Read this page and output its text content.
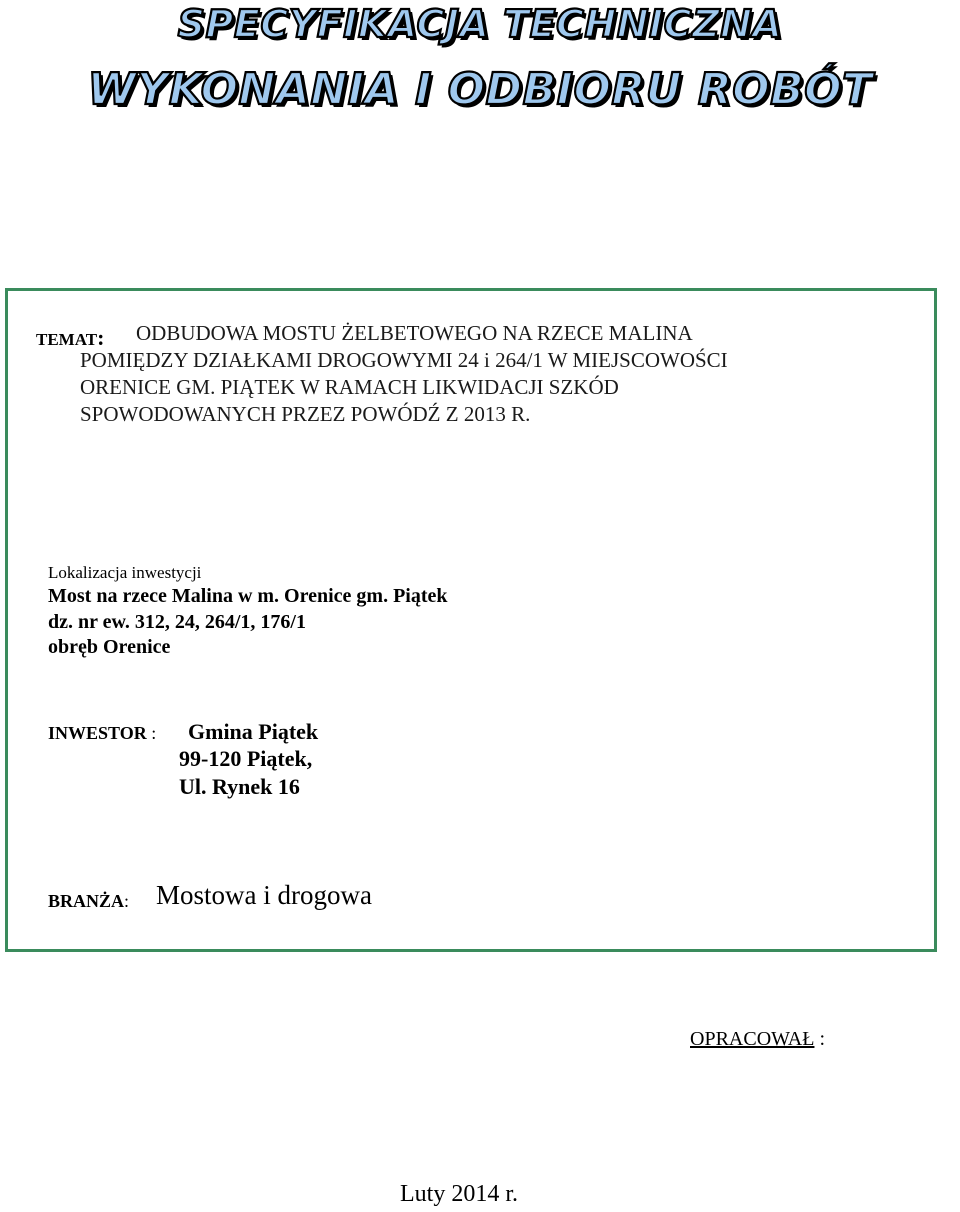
SPECYFIKACJA TECHNICZNA
WYKONANIA I ODBIORU ROBÓT
TEMAT:	ODBUDOWA MOSTU ŻELBETOWEGO NA RZECE MALINA
POMIĘDZY DZIAŁKAMI DROGOWYMI 24 i 264/1 W MIEJSCOWOŚCI
ORENICE GM. PIĄTEK W RAMACH LIKWIDACJI SZKÓD
SPOWODOWANYCH PRZEZ POWÓDŹ Z 2013 R.
Lokalizacja inwestycji
Most na rzece Malina w m. Orenice gm. Piątek
dz. nr ew. 312, 24, 264/1, 176/1
obręb Orenice
INWESTOR : Gmina Piątek
99-120 Piątek,
Ul. Rynek 16
BRANŻA: Mostowa i drogowa
OPRACOWAŁ :
Luty 2014 r.
